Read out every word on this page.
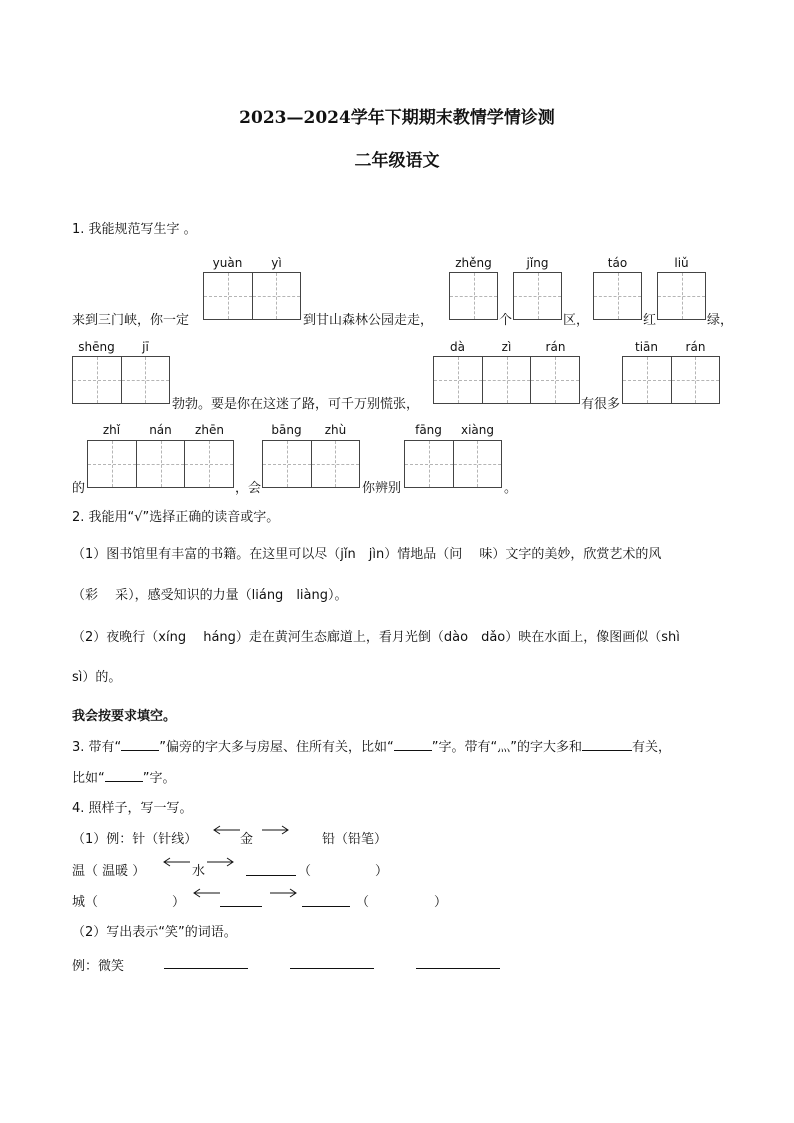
2023—2024学年下期期末教情学情诊测
二年级语文
1. 我能规范写生字 。
yuàn	yì	zhěng	jǐng	táo	liǔ
来到三门峡，你一定	到甘山森林公园走走，	个	区，	红	绿，
shēng	jī	dà	zì	rán	tiān	rán
勃勃。要是你在这迷了路，可千万别慌张，	有很多
zhǐ	nán	zhēn	bāng	zhù	fāng	xiàng
的	，会	你辨别	。
2. 我能用“√”选择正确的读音或字。
（1）图书馆里有丰富的书籍。在这里可以尽（jǐn　jìn）情地品（问　 味）文字的美妙，欣赏艺术的风
（彩　 采），感受知识的力量（liáng　liàng）。
（2）夜晚行（xíng　 háng）走在黄河生态廊道上，看月光倒（dào　dǎo）映在水面上，像图画似（shì
sì）的。
我会按要求填空。
3. 带有“	”偏旁的字大多与房屋、住所有关，比如“	”字。带有“灬”的字大多和	有关，
比如“	”字。
4. 照样子，写一写。
（1）例：针（针线）	金	铅（铅笔）
温（ 温暖 ）	水	（	）
城（	）	（	）
（2）写出表示“笑”的词语。
例：微笑
